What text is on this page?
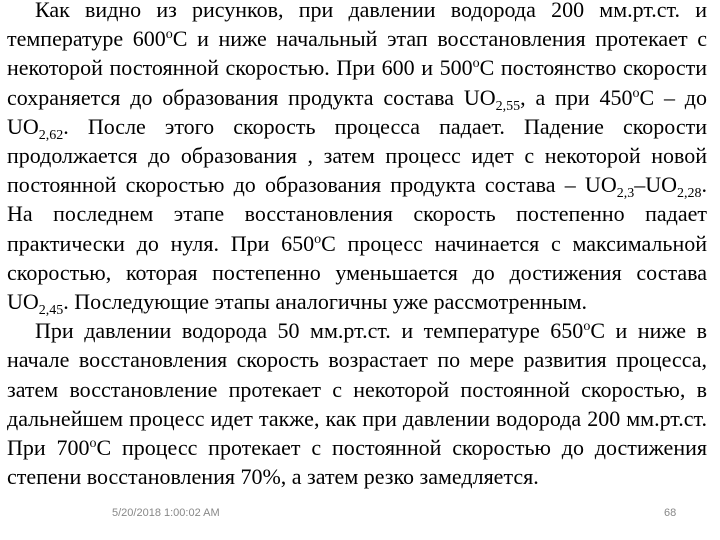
Как видно из рисунков, при давлении водорода 200 мм.рт.ст. и температуре 600$^o$С и ниже начальный этап восстановления протекает с некоторой постоянной скоростью. При 600 и 500$^o$С постоянство скорости сохраняется до образования продукта состава $UO_{2,55}$, а при 450$^o$С – до $UO_{2,62}$. После этого скорость процесса падает. Падение скорости продолжается до образования , затем процесс идет с некоторой новой постоянной скоростью до образования продукта состава – $UO_{2,3}-UO_{2,28}$. На последнем этапе восстановления скорость постепенно падает практически до нуля. При 650$^o$С процесс начинается с максимальной скоростью, которая постепенно уменьшается до достижения состава $UO_{2,45}$. Последующие этапы аналогичны уже рассмотренным.

При давлении водорода 50 мм.рт.ст. и температуре 650$^o$С и ниже в начале восстановления скорость возрастает по мере развития процесса, затем восстановление протекает с некоторой постоянной скоростью, в дальнейшем процесс идет также, как при давлении водорода 200 мм.рт.ст. При 700$^o$С процесс протекает с постоянной скоростью до достижения степени восстановления 70%, а затем резко замедляется.

5/20/2018 1:00:02 AM	68
